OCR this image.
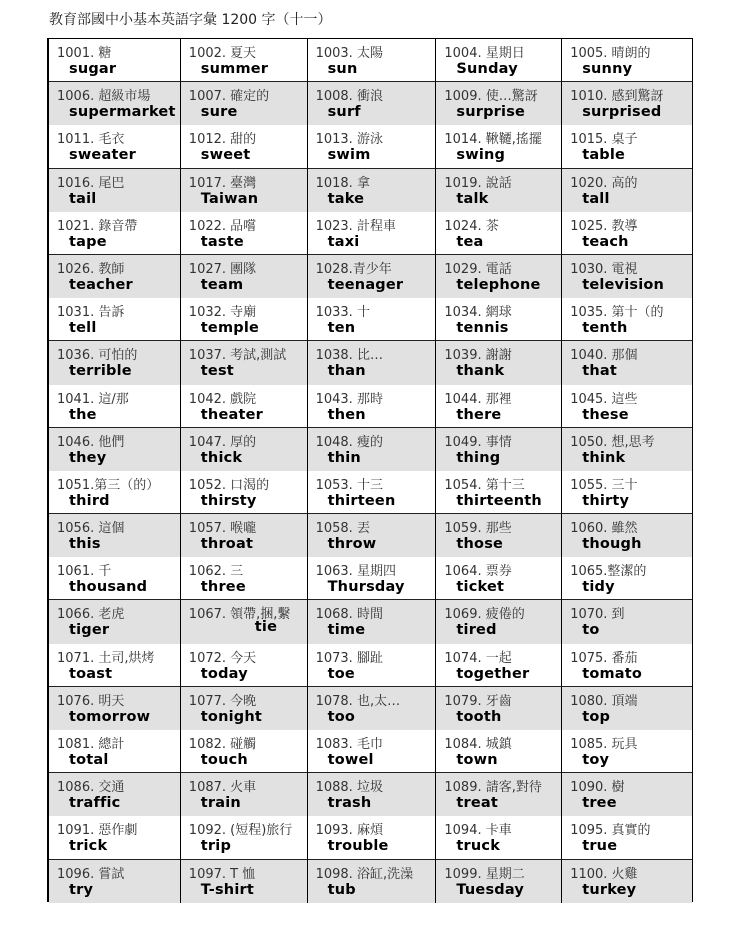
教育部國中小基本英語字彙 1200 字（十一）
1001. 糖
sugar
1002. 夏天
summer
1003. 太陽
sun
1004. 星期日
Sunday
1005. 晴朗的
sunny
1006. 超級市場
supermarket
1007. 確定的
sure
1008. 衝浪
surf
1009. 使…驚訝
surprise
1010. 感到驚訝
surprised
1011. 毛衣
sweater
1012. 甜的
sweet
1013. 游泳
swim
1014. 鞦韆,搖擺
swing
1015. 桌子
table
1016. 尾巴
tail
1017. 臺灣
Taiwan
1018. 拿
take
1019. 說話
talk
1020. 高的
tall
1021. 錄音帶
tape
1022. 品嚐
taste
1023. 計程車
taxi
1024. 茶
tea
1025. 教導
teach
1026. 教師
teacher
1027. 團隊
team
1028.青少年
teenager
1029. 電話
telephone
1030. 電視
television
1031. 告訴
tell
1032. 寺廟
temple
1033. 十
ten
1034. 網球
tennis
1035. 第十（的
tenth
1036. 可怕的
terrible
1037. 考試,測試
test
1038. 比…
than
1039. 謝謝
thank
1040. 那個
that
1041. 這/那
the
1042. 戲院
theater
1043. 那時
then
1044. 那裡
there
1045. 這些
these
1046. 他們
they
1047. 厚的
thick
1048. 瘦的
thin
1049. 事情
thing
1050. 想,思考
think
1051.第三（的）
third
1052. 口渴的
thirsty
1053. 十三
thirteen
1054. 第十三
thirteenth
1055. 三十
thirty
1056. 這個
this
1057. 喉嚨
throat
1058. 丟
throw
1059. 那些
those
1060. 雖然
though
1061. 千
thousand
1062. 三
three
1063. 星期四
Thursday
1064. 票券
ticket
1065.整潔的
tidy
1066. 老虎
tiger
1067. 領帶,捆,繫
tie
1068. 時間
time
1069. 疲倦的
tired
1070. 到
to
1071. 土司,烘烤
toast
1072. 今天
today
1073. 腳趾
toe
1074. 一起
together
1075. 番茄
tomato
1076. 明天
tomorrow
1077. 今晚
tonight
1078. 也,太…
too
1079. 牙齒
tooth
1080. 頂端
top
1081. 總計
total
1082. 碰觸
touch
1083. 毛巾
towel
1084. 城鎮
town
1085. 玩具
toy
1086. 交通
traffic
1087. 火車
train
1088. 垃圾
trash
1089. 請客,對待
treat
1090. 樹
tree
1091. 惡作劇
trick
1092. (短程)旅行
trip
1093. 麻煩
trouble
1094. 卡車
truck
1095. 真實的
true
1096. 嘗試
try
1097. T 恤
T-shirt
1098. 浴缸,洗澡
tub
1099. 星期二
Tuesday
1100. 火雞
turkey
